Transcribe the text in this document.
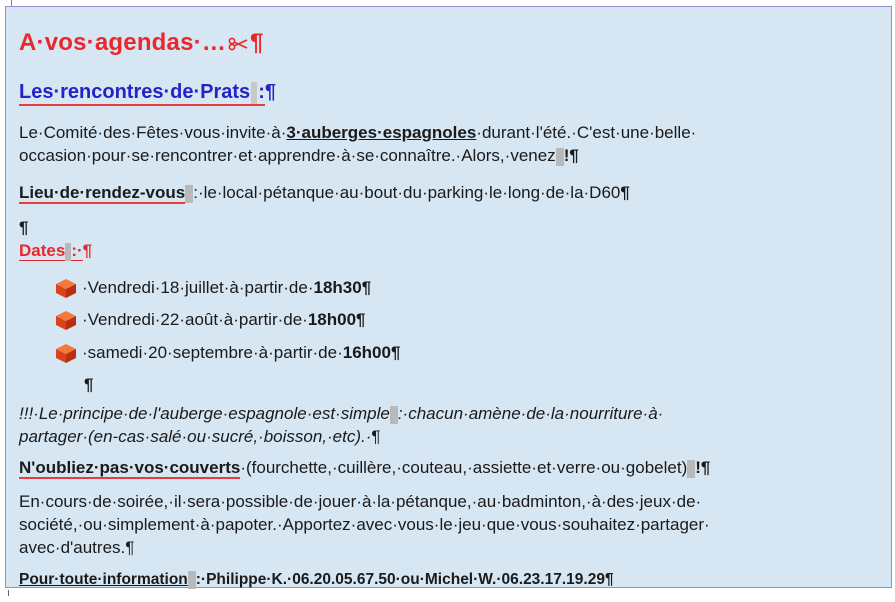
A·vos·agendas·… ¶
Les·rencontres·de·Prats :¶
Le·Comité·des·Fêtes·vous·invite·à·3·auberges·espagnoles·durant·l'été.·C'est·une·belle·
occasion·pour·se·rencontrer·et·apprendre·à·se·connaître.·Alors,·venez !¶
Lieu·de·rendez-vous :·le·local·pétanque·au·bout·du·parking·le·long·de·la·D60¶
¶
Dates :·¶
·Vendredi·18·juillet·à·partir·de· 18h30 ¶
·Vendredi·22·août·à·partir·de· 18h00 ¶
·samedi·20·septembre·à·partir·de· 16h00 ¶
¶
!!!·Le·principe·de·l'auberge·espagnole·est·simple :·chacun·amène·de·la·nourriture·à·
partager·(en-cas·salé·ou·sucré,·boisson,·etc).·¶
N'oubliez·pas·vos·couverts·(fourchette,·cuillère,·couteau,·assiette·et·verre·ou·gobelet) !¶
En·cours·de·soirée,·il·sera·possible·de·jouer·à·la·pétanque,·au·badminton,·à·des·jeux·de·
société,·ou·simplement·à·papoter.·Apportez·avec·vous·le·jeu·que·vous·souhaitez·partager·
avec·d'autres.¶
Pour·toute·information :·Philippe·K.·06.20.05.67.50·ou·Michel·W.·06.23.17.19.29¶
